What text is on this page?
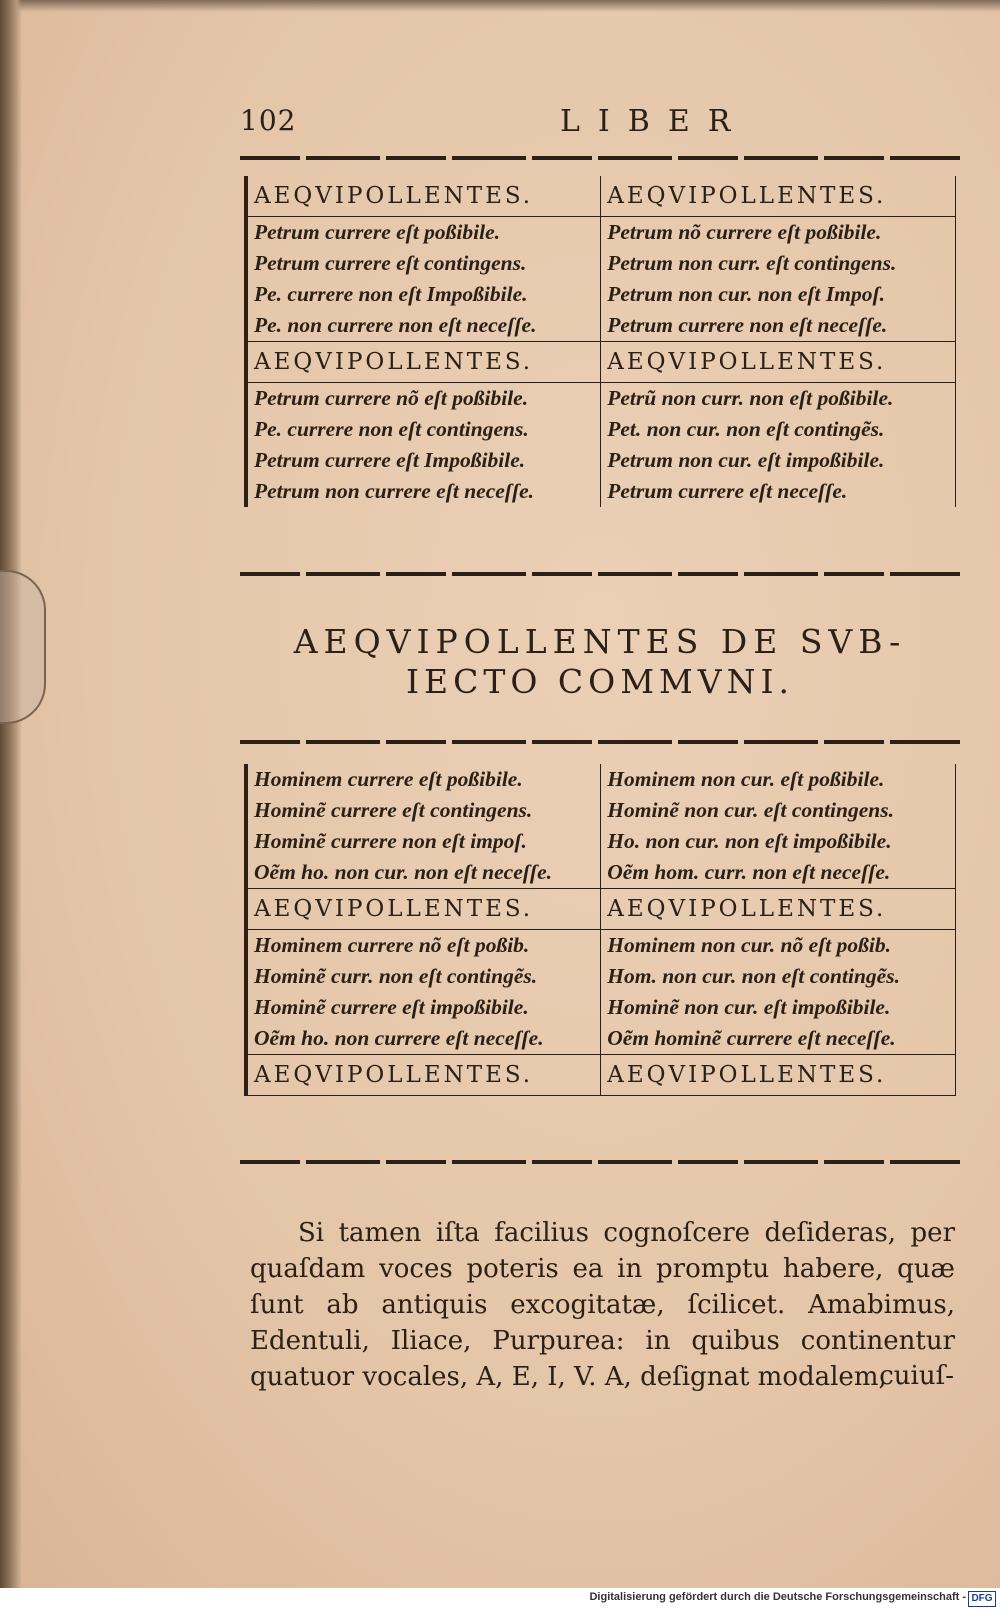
102	LIBER
AEQVIPOLLENTES.	AEQVIPOLLENTES.
Petrum currere eſt poßibile.	Petrum nõ currere eſt poßibile.
Petrum currere eſt contingens.	Petrum non curr. eſt contingens.
Pe. currere non eſt Impoßibile.	Petrum non cur. non eſt Impoſ.
Pe. non currere non eſt neceſſe.	Petrum currere non eſt neceſſe.
AEQVIPOLLENTES.	AEQVIPOLLENTES.
Petrum currere nõ eſt poßibile.	Petrũ non curr. non eſt poßibile.
Pe. currere non eſt contingens.	Pet. non cur. non eſt contingẽs.
Petrum currere eſt Impoßibile.	Petrum non cur. eſt impoßibile.
Petrum non currere eſt neceſſe.	Petrum currere eſt neceſſe.
AEQVIPOLLENTES DE SVB-
IECTO COMMVNI.
Hominem currere eſt poßibile.	Hominem non cur. eſt poßibile.
Hominẽ currere eſt contingens.	Hominẽ non cur. eſt contingens.
Hominẽ currere non eſt impoſ.	Ho. non cur. non eſt impoßibile.
Oẽm ho. non cur. non eſt neceſſe.	Oẽm hom. curr. non eſt neceſſe.
AEQVIPOLLENTES.	AEQVIPOLLENTES.
Hominem currere nõ eſt poßib.	Hominem non cur. nõ eſt poßib.
Hominẽ curr. non eſt contingẽs.	Hom. non cur. non eſt contingẽs.
Hominẽ currere eſt impoßibile.	Hominẽ non cur. eſt impoßibile.
Oẽm ho. non currere eſt neceſſe.	Oẽm hominẽ currere eſt neceſſe.
AEQVIPOLLENTES.	AEQVIPOLLENTES.

Si tamen iſta facilius cognoſcere deſideras, per quaſdam voces poteris ea in promptu habere, quæ ſunt ab antiquis excogitatæ, ſcilicet. Amabimus, Edentuli, Iliace, Purpurea: in quibus continentur quatuor vocales, A, E, I, V. A, deſignat modalem,

cuiuſ-
Digitalisierung gefördert durch die Deutsche Forschungsgemeinschaft - DFG
